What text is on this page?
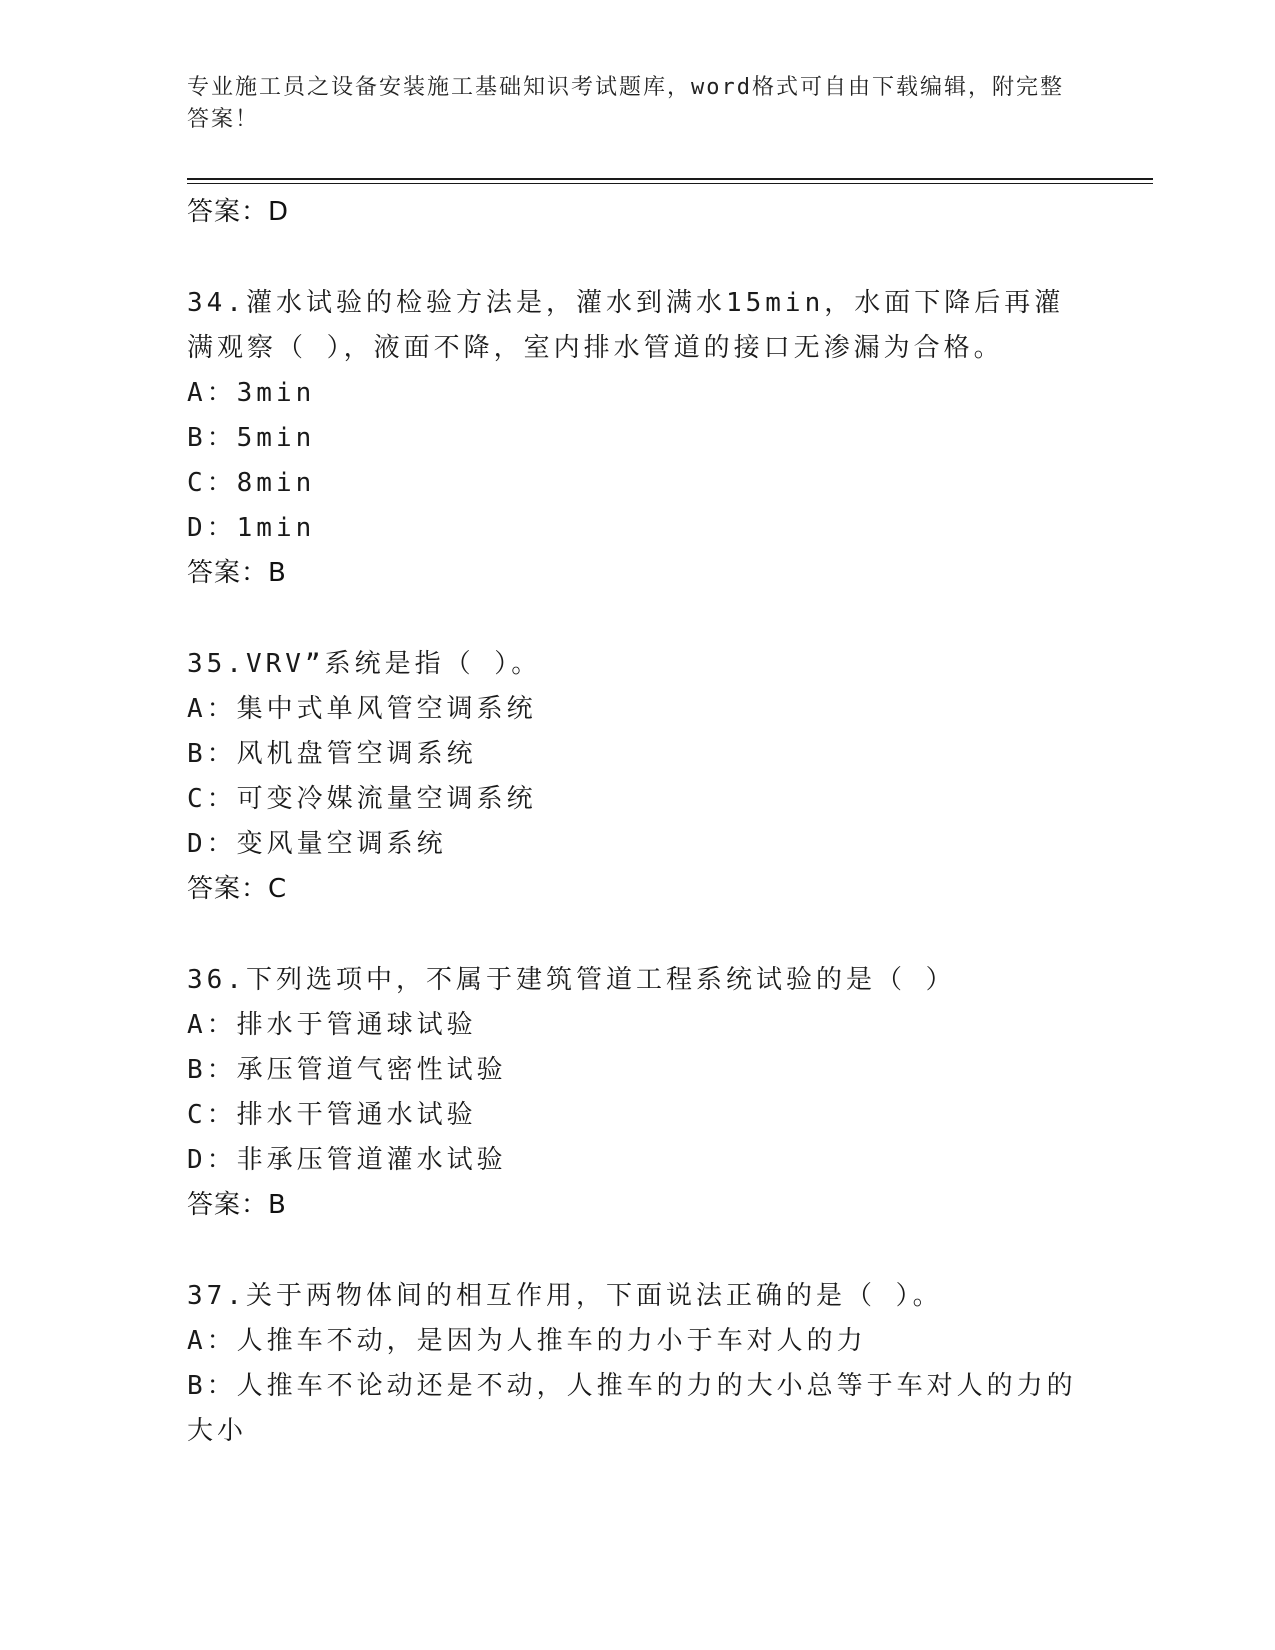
专业施工员之设备安装施工基础知识考试题库，word格式可自由下载编辑，附完整答案！
答案：D
34.灌水试验的检验方法是，灌水到满水15min，水面下降后再灌满观察（ ），液面不降，室内排水管道的接口无渗漏为合格。
A：3min
B：5min
C：8min
D：1min
答案：B
35.VRV”系统是指（ ）。
A：集中式单风管空调系统
B：风机盘管空调系统
C：可变冷媒流量空调系统
D：变风量空调系统
答案：C
36.下列选项中，不属于建筑管道工程系统试验的是（ ）
A：排水于管通球试验
B：承压管道气密性试验
C：排水干管通水试验
D：非承压管道灌水试验
答案：B
37.关于两物体间的相互作用，下面说法正确的是（ ）。
A：人推车不动，是因为人推车的力小于车对人的力
B：人推车不论动还是不动，人推车的力的大小总等于车对人的力的大小
